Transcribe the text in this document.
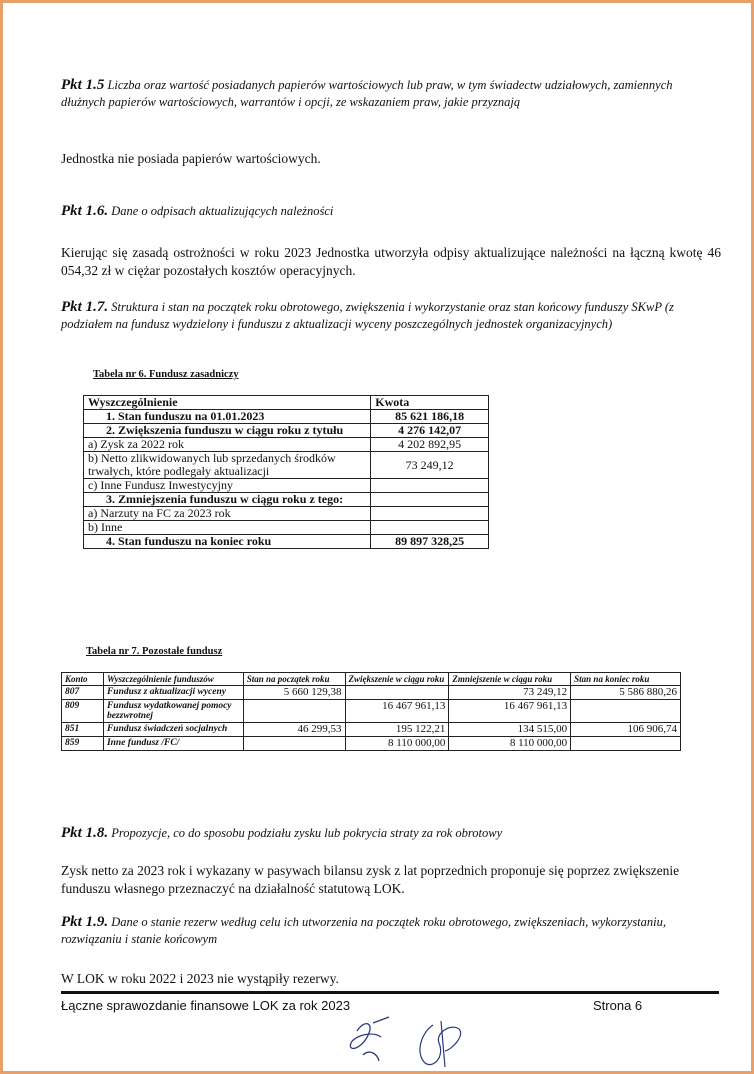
Pkt 1.5 Liczba oraz wartość posiadanych papierów wartościowych lub praw, w tym świadectw udziałowych, zamiennych dłużnych papierów wartościowych, warrantów i opcji, ze wskazaniem praw, jakie przyznają
Jednostka nie posiada papierów wartościowych.
Pkt 1.6. Dane o odpisach aktualizujących należności
Kierując się zasadą ostrożności w roku 2023 Jednostka utworzyła odpisy aktualizujące należności na łączną kwotę 46 054,32 zł w ciężar pozostałych kosztów operacyjnych.
Pkt 1.7. Struktura i stan na początek roku obrotowego, zwiększenia i wykorzystanie oraz stan końcowy funduszy SKwP (z podziałem na fundusz wydzielony i funduszu z aktualizacji wyceny poszczególnych jednostek organizacyjnych)
Tabela nr 6. Fundusz zasadniczy
Wyszczególnienie	Kwota
1. Stan funduszu na 01.01.2023	85 621 186,18
2. Zwiększenia funduszu w ciągu roku z tytułu	4 276 142,07
a) Zysk za 2022 rok	4 202 892,95
b) Netto zlikwidowanych lub sprzedanych środków trwałych, które podlegały aktualizacji	73 249,12
c) Inne Fundusz Inwestycyjny	
3. Zmniejszenia funduszu w ciągu roku z tego:	
a) Narzuty na FC za 2023 rok	
b) Inne	
4. Stan funduszu na koniec roku	89 897 328,25
Tabela nr 7. Pozostałe fundusz
Konto	Wyszczególnienie funduszów	Stan na początek roku	Zwiększenie w ciągu roku	Zmniejszenie w ciągu roku	Stan na koniec roku
807	Fundusz z aktualizacji wyceny	5 660 129,38		73 249,12	5 586 880,26
809	Fundusz wydatkowanej pomocy bezzwrotnej		16 467 961,13	16 467 961,13	
851	Fundusz świadczeń socjalnych	46 299,53	195 122,21	134 515,00	106 906,74
859	Inne fundusz /FC/		8 110 000,00	8 110 000,00	
Pkt 1.8. Propozycje, co do sposobu podziału zysku lub pokrycia straty za rok obrotowy
Zysk netto za 2023 rok i wykazany w pasywach bilansu zysk z lat poprzednich proponuje się poprzez zwiększenie funduszu własnego przeznaczyć na działalność statutową LOK.
Pkt 1.9. Dane o stanie rezerw według celu ich utworzenia na początek roku obrotowego, zwiększeniach, wykorzystaniu, rozwiązaniu i stanie końcowym
W LOK w roku 2022 i 2023 nie wystąpiły rezerwy.
Łączne sprawozdanie finansowe LOK za rok 2023	Strona 6
